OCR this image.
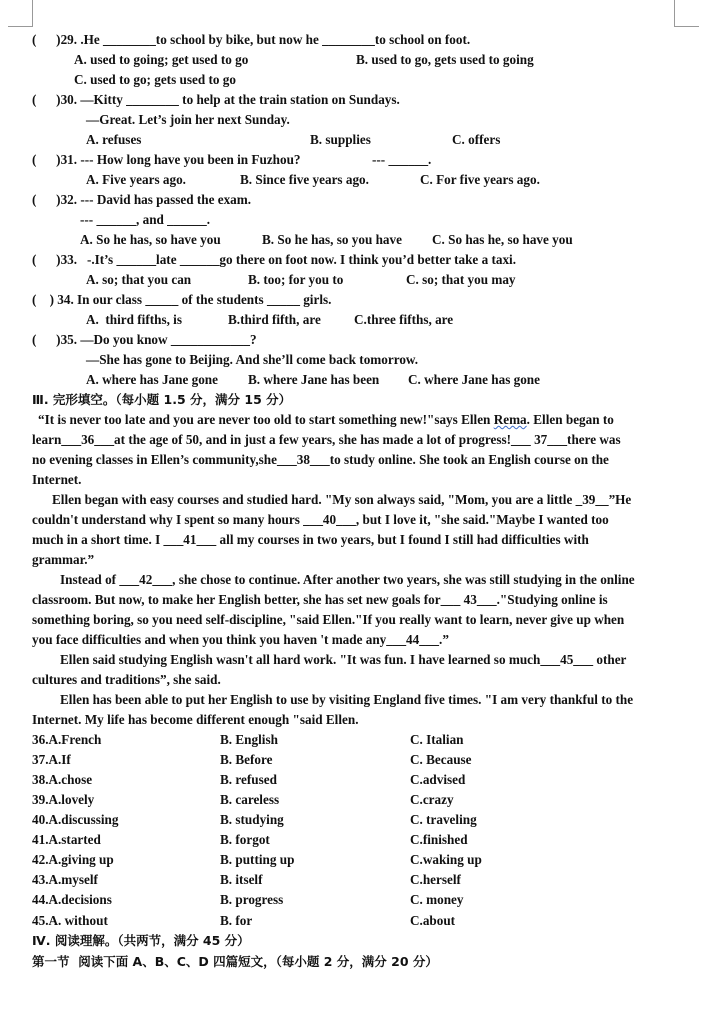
(      )29. .He ________to school by bike, but now he ________to school on foot.
A. used to going; get used to go	B. used to go, gets used to going
C. used to go; gets used to go
(      )30. —Kitty ________ to help at the train station on Sundays.
—Great. Let’s join her next Sunday.
A. refuses	B. supplies	C. offers
(      )31. --- How long have you been in Fuzhou?	--- ______.
A. Five years ago.	B. Since five years ago.	C. For five years ago.
(      )32. --- David has passed the exam.
--- ______, and ______.
A. So he has, so have you	B. So he has, so you have C. So has he, so have you
(      )33.   -.It’s ______late ______go there on foot now. I think you’d better take a taxi.
A. so; that you can	B. too; for you to	C. so; that you may
(    ) 34. In our class _____ of the students _____ girls.
A.  third fifths, is	B.third fifth, are	C.three fifths, are
(      )35. —Do you know ____________?
—She has gone to Beijing. And she’ll come back tomorrow.
A. where has Jane gone B. where Jane has been C. where Jane has gone
Ⅲ. 完形填空。（每小题 1.5 分，满分 15 分）
“It is never too late and you are never too old to start something new!"says Ellen Rema. Ellen began to
learn___36___at the age of 50, and in just a few years, she has made a lot of progress!___ 37___there was
no evening classes in Ellen’s community,she___38___to study online. She took an English course on the
Internet.
Ellen began with easy courses and studied hard. "My son always said, "Mom, you are a little _39__”He
couldn't understand why I spent so many hours ___40___, but I love it, "she said."Maybe I wanted too
much in a short time. I ___41___ all my courses in two years, but I found I still had difficulties with
grammar.”
Instead of ___42___, she chose to continue. After another two years, she was still studying in the online
classroom. But now, to make her English better, she has set new goals for___ 43___."Studying online is
something boring, so you need self-discipline, "said Ellen."If you really want to learn, never give up when
you face difficulties and when you think you haven 't made any___44___.”
Ellen said studying English wasn't all hard work. "It was fun. I have learned so much___45___ other
cultures and traditions”, she said.
Ellen has been able to put her English to use by visiting England five times. "I am very thankful to the
Internet. My life has become different enough "said Ellen.
36.A.French	B. English	C. Italian
37.A.If	B. Before	C. Because
38.A.chose	B. refused	C.advised
39.A.lovely	B. careless	C.crazy
40.A.discussing	B. studying	C. traveling
41.A.started	B. forgot	C.finished
42.A.giving up	B. putting up	C.waking up
43.A.myself	B. itself	C.herself
44.A.decisions	B. progress	C. money
45.A. without	B. for	C.about
Ⅳ. 阅读理解。（共两节，满分 45 分）
第一节  阅读下面 A、B、C、D 四篇短文，（每小题 2 分，满分 20 分）
